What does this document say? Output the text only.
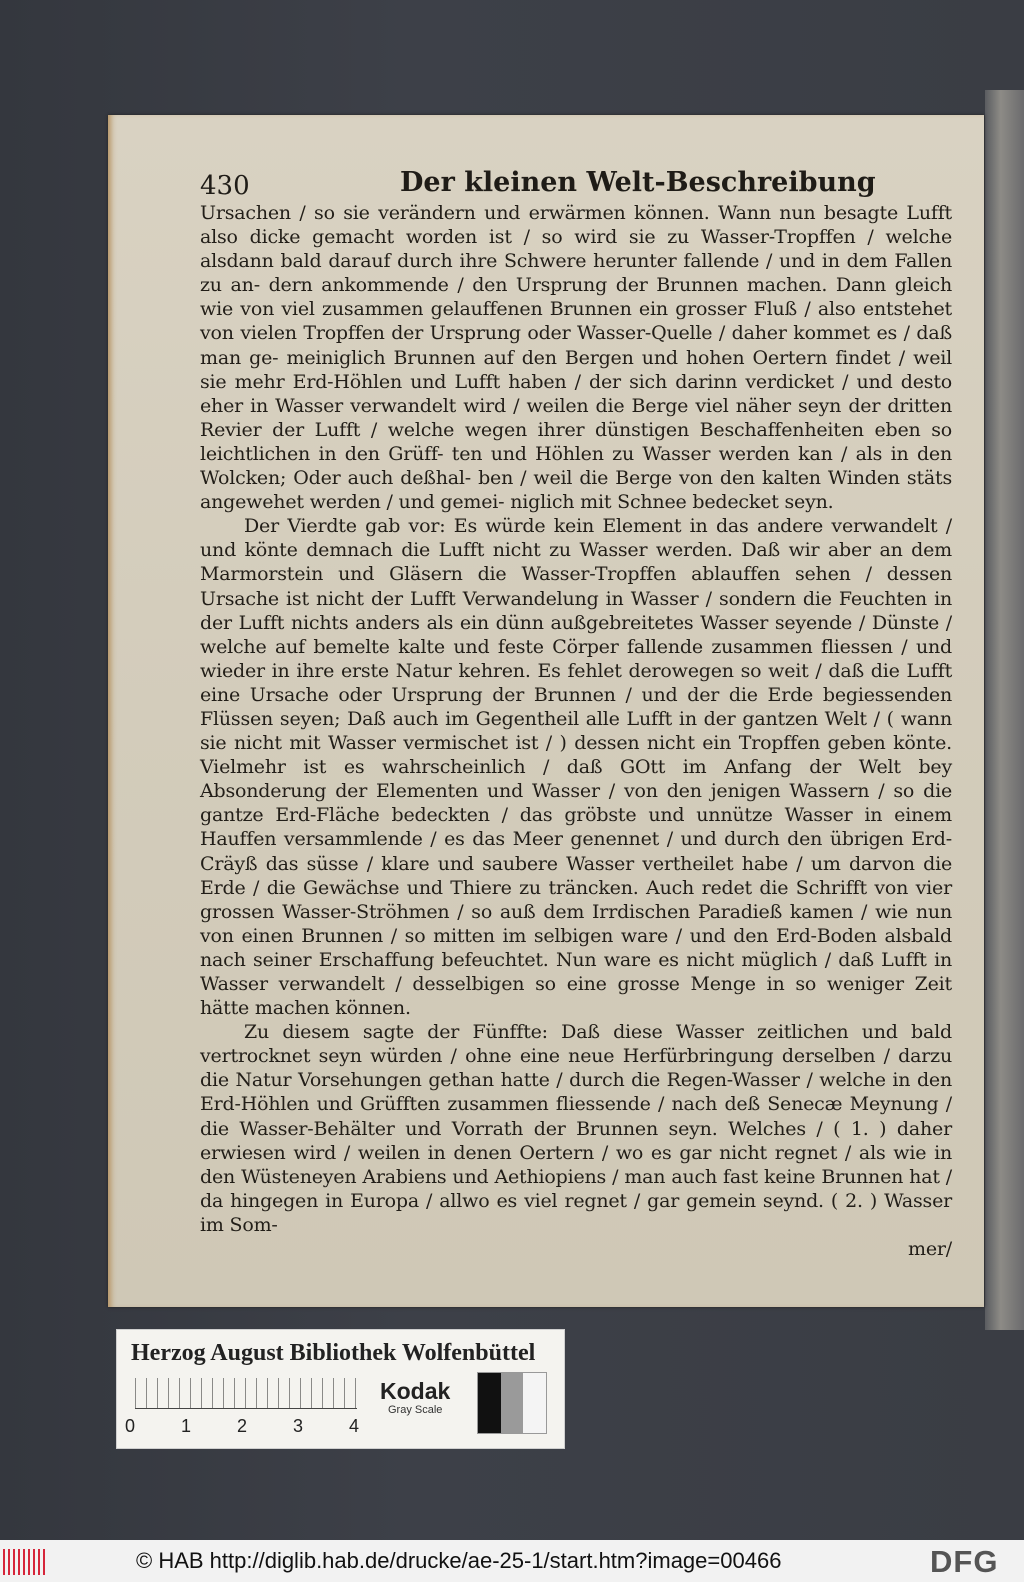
430	Der kleinen Welt-Beschreibung

Ursachen / so sie verändern und erwärmen können. Wann nun besagte Lufft also dicke gemacht worden ist / so wird sie zu Wasser-Tropffen / welche alsdann bald darauf durch ihre Schwere herunter fallende / und in dem Fallen zu an- dern ankommende / den Ursprung der Brunnen machen. Dann gleich wie von viel zusammen gelauffenen Brunnen ein grosser Fluß / also entstehet von vielen Tropffen der Ursprung oder Wasser-Quelle / daher kommet es / daß man ge- meiniglich Brunnen auf den Bergen und hohen Oertern findet / weil sie mehr Erd-Höhlen und Lufft haben / der sich darinn verdicket / und desto eher in Wasser verwandelt wird / weilen die Berge viel näher seyn der dritten Revier der Lufft / welche wegen ihrer dünstigen Beschaffenheiten eben so leichtlichen in den Grüff- ten und Höhlen zu Wasser werden kan / als in den Wolcken; Oder auch deßhal- ben / weil die Berge von den kalten Winden stäts angewehet werden / und gemei- niglich mit Schnee bedecket seyn.

Der Vierdte gab vor: Es würde kein Element in das andere verwandelt / und könte demnach die Lufft nicht zu Wasser werden. Daß wir aber an dem Marmorstein und Gläsern die Wasser-Tropffen ablauffen sehen / dessen Ursache ist nicht der Lufft Verwandelung in Wasser / sondern die Feuchten in der Lufft nichts anders als ein dünn außgebreitetes Wasser seyende / Dünste / welche auf bemelte kalte und feste Cörper fallende zusammen fliessen / und wieder in ihre erste Natur kehren. Es fehlet derowegen so weit / daß die Lufft eine Ursache oder Ursprung der Brunnen / und der die Erde begiessenden Flüssen seyen; Daß auch im Gegentheil alle Lufft in der gantzen Welt / ( wann sie nicht mit Wasser vermischet ist / ) dessen nicht ein Tropffen geben könte. Vielmehr ist es wahrscheinlich / daß GOtt im Anfang der Welt bey Absonderung der Elementen und Wasser / von den jenigen Wassern / so die gantze Erd-Fläche bedeckten / das gröbste und unnütze Wasser in einem Hauffen versammlende / es das Meer genennet / und durch den übrigen Erd-Cräyß das süsse / klare und saubere Wasser vertheilet habe / um darvon die Erde / die Gewächse und Thiere zu träncken. Auch redet die Schrifft von vier grossen Wasser-Ströhmen / so auß dem Irrdischen Paradieß kamen / wie nun von einen Brunnen / so mitten im selbigen ware / und den Erd-Boden alsbald nach seiner Erschaffung befeuchtet. Nun ware es nicht müglich / daß Lufft in Wasser verwandelt / desselbigen so eine grosse Menge in so weniger Zeit hätte machen können.

Zu diesem sagte der Fünffte: Daß diese Wasser zeitlichen und bald vertrocknet seyn würden / ohne eine neue Herfürbringung derselben / darzu die Natur Vorsehungen gethan hatte / durch die Regen-Wasser / welche in den Erd-Höhlen und Grüfften zusammen fliessende / nach deß Senecæ Meynung / die Wasser-Behälter und Vorrath der Brunnen seyn. Welches / ( 1. ) daher erwiesen wird / weilen in denen Oertern / wo es gar nicht regnet / als wie in den Wüsteneyen Arabiens und Aethiopiens / man auch fast keine Brunnen hat / da hingegen in Europa / allwo es viel regnet / gar gemein seynd. ( 2. ) Wasser im Som-

mer/

Herzog August Bibliothek Wolfenbüttel
0	1	2	3	4
Kodak
Gray Scale
© HAB http://diglib.hab.de/drucke/ae-25-1/start.htm?image=00466	DFG
